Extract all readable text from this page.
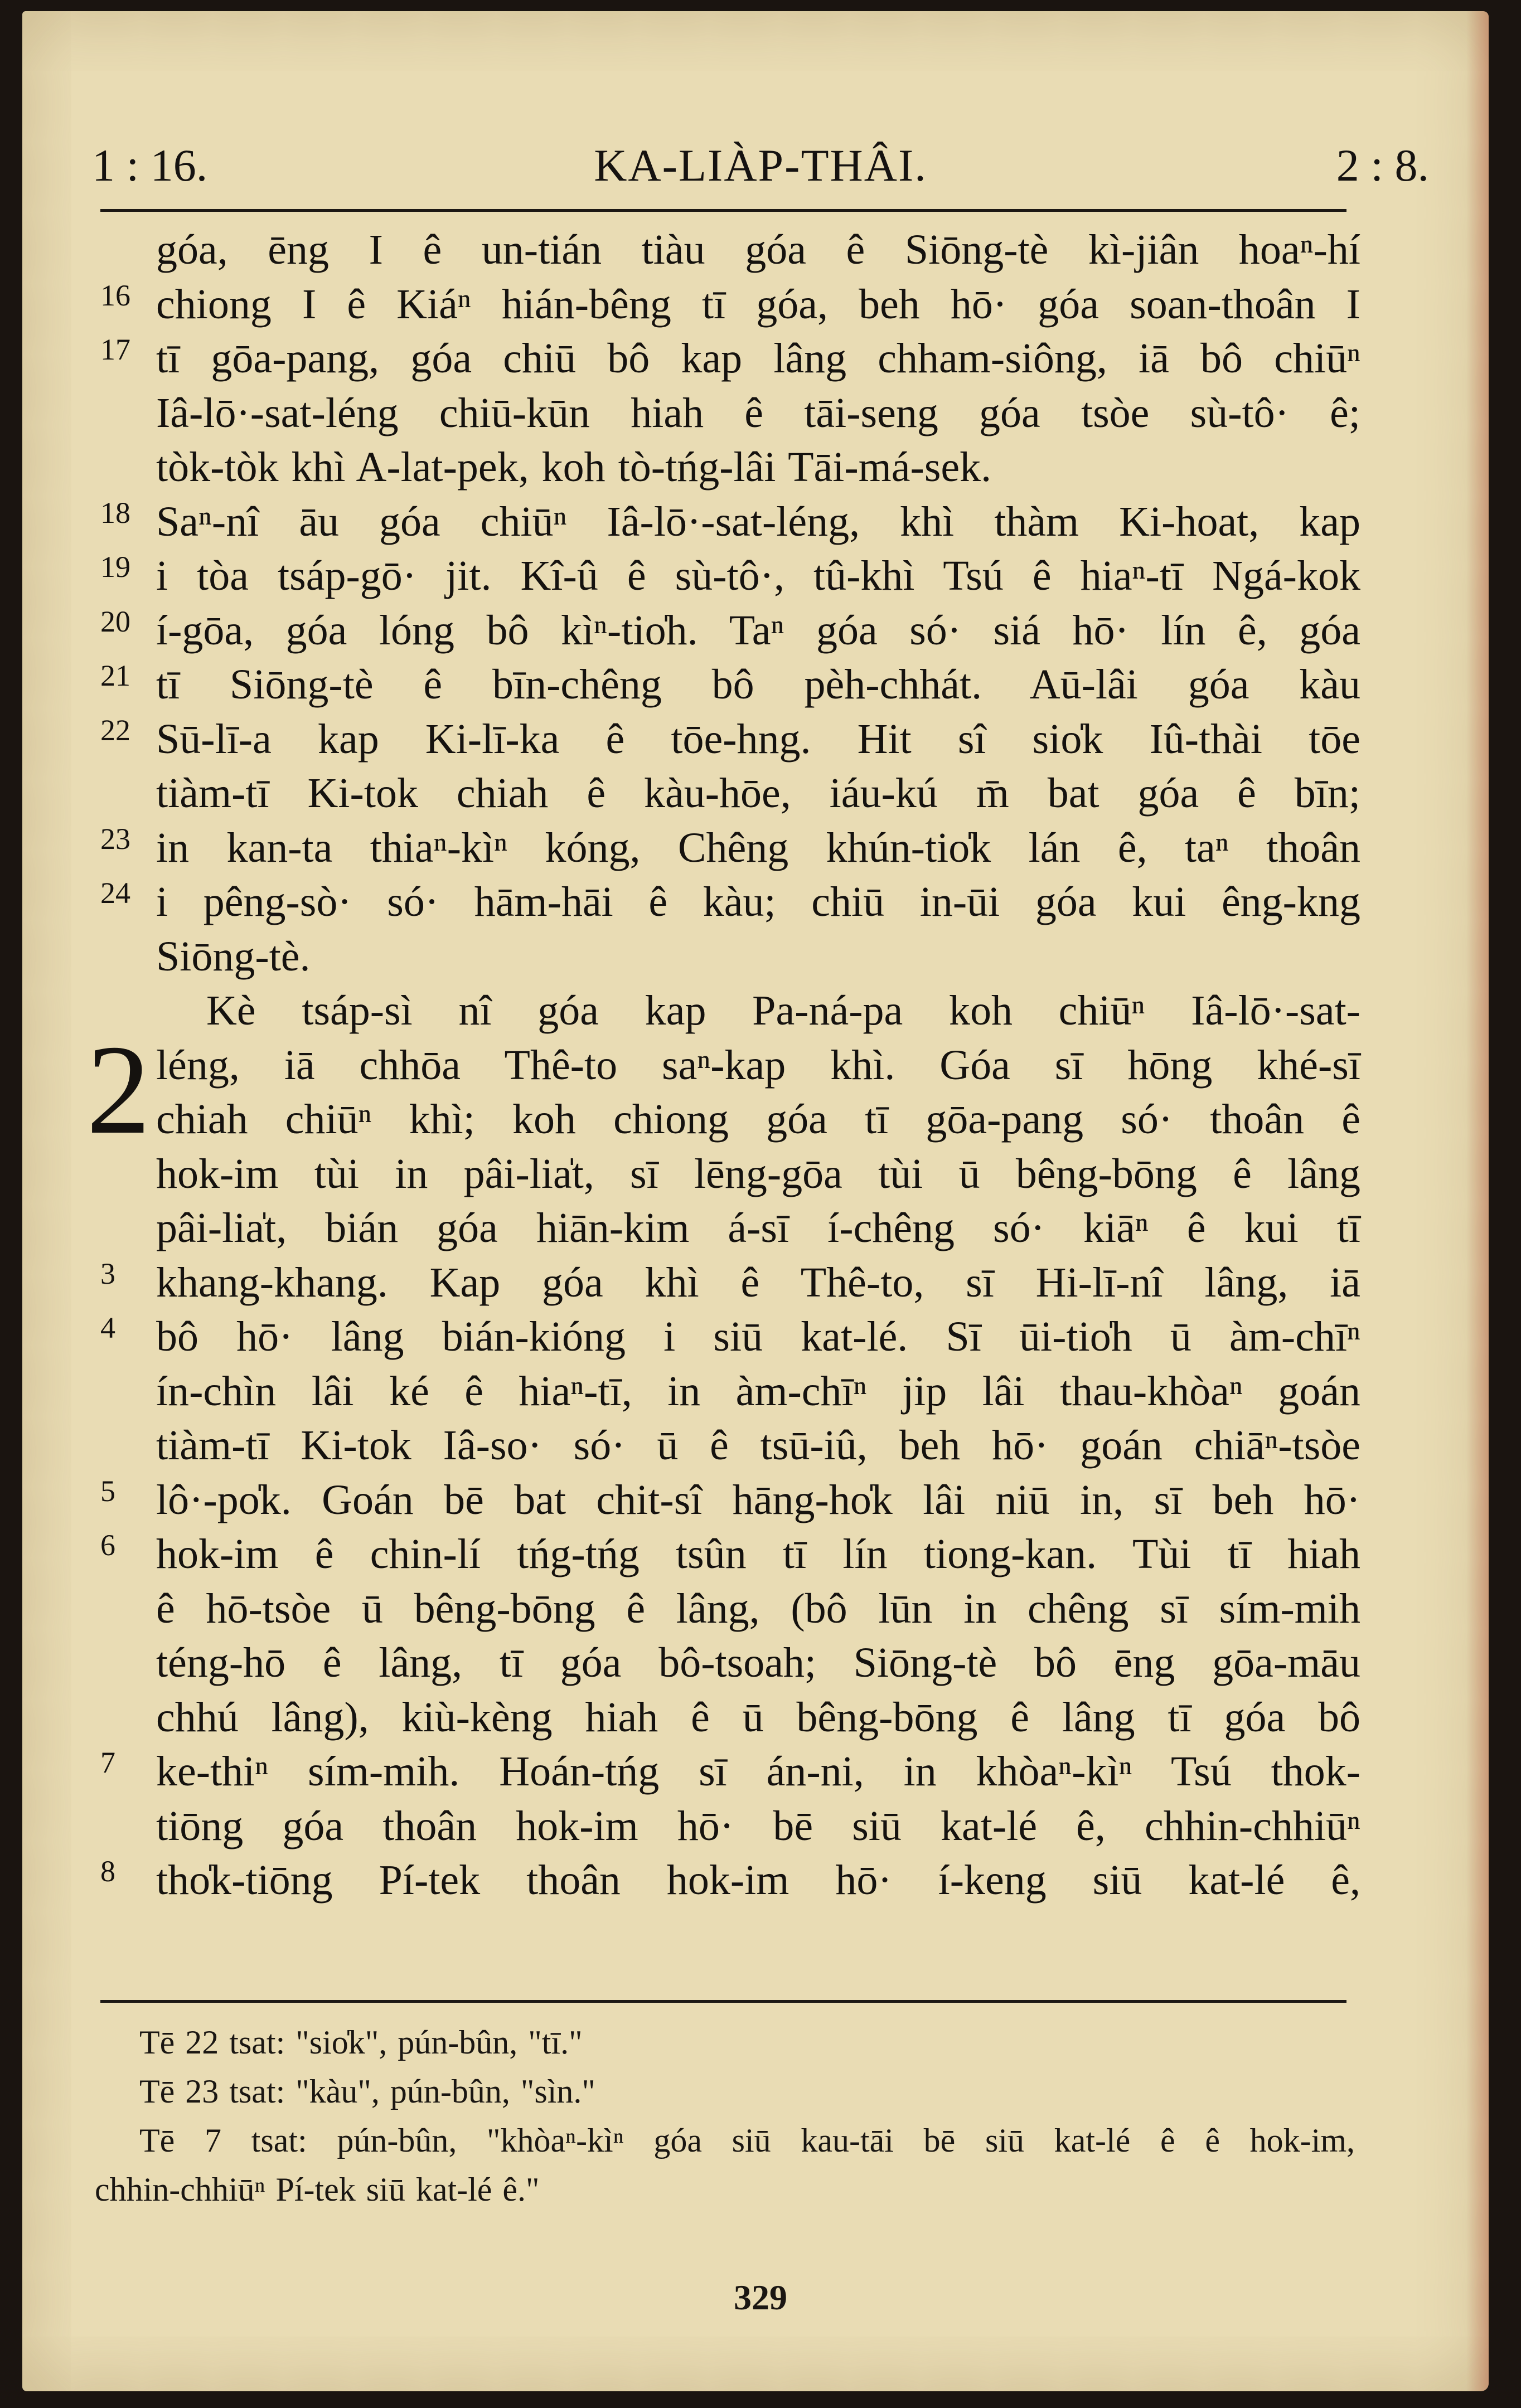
1 : 16.	KA-LIÀP-THÂI.	2 : 8.
góa, ēng I ê un-tián tiàu góa ê Siōng-tè kì-jiân hoaⁿ-hí
16 chiong I ê Kiáⁿ hián-bêng tī góa, beh hō· góa soan-thoân I
17 tī gōa-pang, góa chiū bô kap lâng chham-siông, iā bô chiūⁿ
Iâ-lō·-sat-léng chiū-kūn hiah ê tāi-seng góa tsòe sù-tô· ê;
tòk-tòk khì A-lat-pek, koh tò-tńg-lâi Tāi-má-sek.
18 Saⁿ-nî āu góa chiūⁿ Iâ-lō·-sat-léng, khì thàm Ki-hoat, kap
19 i tòa tsáp-gō· jit. Kî-û ê sù-tô·, tû-khì Tsú ê hiaⁿ-tī Ngá-kok
20 í-gōa, góa lóng bô kìⁿ-tio̍h. Taⁿ góa só· siá hō· lín ê, góa
21 tī Siōng-tè ê bīn-chêng bô pèh-chhát. Aū-lâi góa kàu
22 Sū-lī-a kap Ki-lī-ka ê tōe-hng. Hit sî sio̍k Iû-thài tōe
tiàm-tī Ki-tok chiah ê kàu-hōe, iáu-kú m̄ bat góa ê bīn;
23 in kan-ta thiaⁿ-kìⁿ kóng, Chêng khún-tio̍k lán ê, taⁿ thoân
24 i pêng-sò· só· hām-hāi ê kàu; chiū in-ūi góa kui êng-kng
Siōng-tè.
Kè tsáp-sì nî góa kap Pa-ná-pa koh chiūⁿ Iâ-lō·-sat-
léng, iā chhōa Thê-to saⁿ-kap khì. Góa sī hōng khé-sī
chiah chiūⁿ khì; koh chiong góa tī gōa-pang só· thoân ê
hok-im tùi in pâi-lia̍t, sī lēng-gōa tùi ū bêng-bōng ê lâng
pâi-lia̍t, bián góa hiān-kim á-sī í-chêng só· kiāⁿ ê kui tī
3 khang-khang. Kap góa khì ê Thê-to, sī Hi-lī-nî lâng, iā
4 bô hō· lâng bián-kióng i siū kat-lé. Sī ūi-tio̍h ū àm-chīⁿ
ín-chìn lâi ké ê hiaⁿ-tī, in àm-chīⁿ jip lâi thau-khòaⁿ goán
tiàm-tī Ki-tok Iâ-so· só· ū ê tsū-iû, beh hō· goán chiāⁿ-tsòe
5 lô·-po̍k. Goán bē bat chit-sî hāng-ho̍k lâi niū in, sī beh hō·
6 hok-im ê chin-lí tńg-tńg tsûn tī lín tiong-kan. Tùi tī hiah
ê hō-tsòe ū bêng-bōng ê lâng, (bô lūn in chêng sī sím-mih
téng-hō ê lâng, tī góa bô-tsoah; Siōng-tè bô ēng gōa-māu
chhú lâng), kiù-kèng hiah ê ū bêng-bōng ê lâng tī góa bô
7 ke-thiⁿ sím-mih. Hoán-tńg sī án-ni, in khòaⁿ-kìⁿ Tsú thok-
tiōng góa thoân hok-im hō· bē siū kat-lé ê, chhin-chhiūⁿ
8 tho̍k-tiōng Pí-tek thoân hok-im hō· í-keng siū kat-lé ê,
2
Tē 22 tsat: "sio̍k", pún-bûn, "tī."
Tē 23 tsat: "kàu", pún-bûn, "sìn."
Tē 7 tsat: pún-bûn, "khòaⁿ-kìⁿ góa siū kau-tāi bē siū kat-lé ê ê hok-im,
chhin-chhiūⁿ Pí-tek siū kat-lé ê."
329
